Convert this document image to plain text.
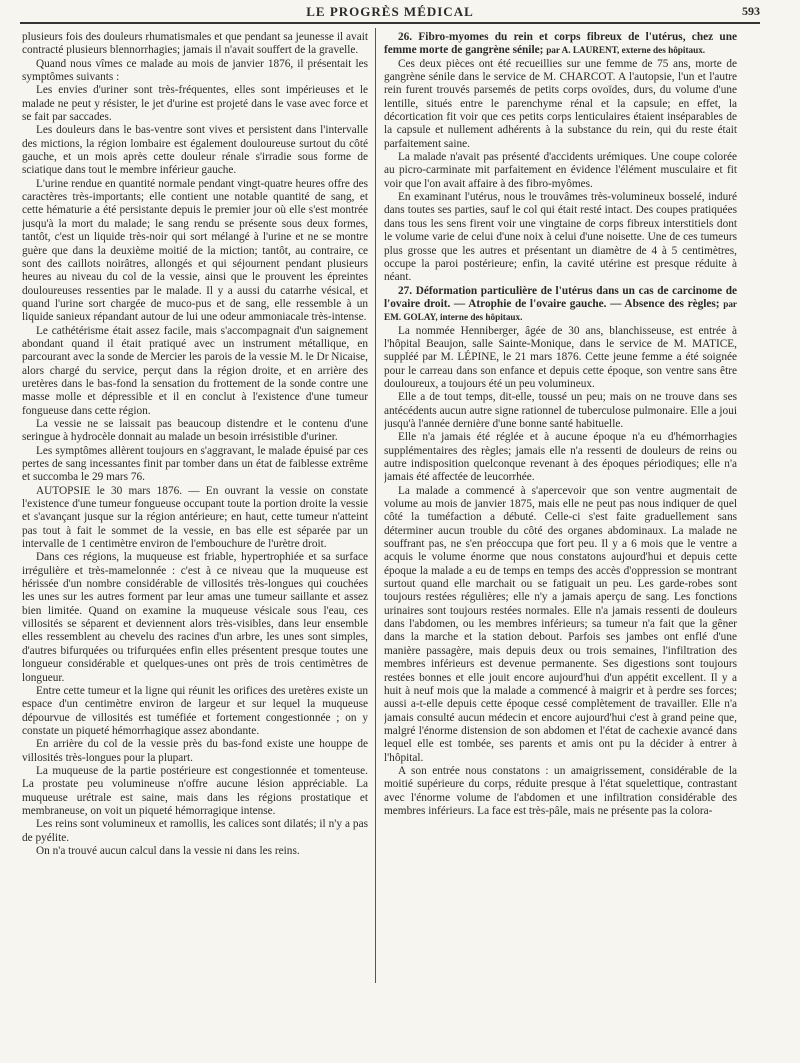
LE PROGRÈS MÉDICAL	593

plusieurs fois des douleurs rhumatismales et que pendant sa jeunesse il avait contracté plusieurs blennorrhagies; jamais il n'avait souffert de la gravelle.

Quand nous vîmes ce malade au mois de janvier 1876, il présentait les symptômes suivants :

Les envies d'uriner sont très-fréquentes, elles sont impérieuses et le malade ne peut y résister, le jet d'urine est projeté dans le vase avec force et se fait par saccades.

Les douleurs dans le bas-ventre sont vives et persistent dans l'intervalle des mictions, la région lombaire est également douloureuse surtout du côté gauche, et un mois après cette douleur rénale s'irradie sous forme de sciatique dans tout le membre inférieur gauche.

L'urine rendue en quantité normale pendant vingt-quatre heures offre des caractères très-importants; elle contient une notable quantité de sang, et cette hématurie a été persistante depuis le premier jour où elle s'est montrée jusqu'à la mort du malade; le sang rendu se présente sous deux formes, tantôt, c'est un liquide très-noir qui sort mélangé à l'urine et ne se montre guère que dans la deuxième moitié de la miction; tantôt, au contraire, ce sont des caillots noirâtres, allongés et qui séjournent pendant plusieurs heures au niveau du col de la vessie, ainsi que le prouvent les épreintes douloureuses ressenties par le malade. Il y a aussi du catarrhe vésical, et quand l'urine sort chargée de muco-pus et de sang, elle ressemble à un liquide sanieux répandant autour de lui une odeur ammoniacale très-intense.

Le cathétérisme était assez facile, mais s'accompagnait d'un saignement abondant quand il était pratiqué avec un instrument métallique, en parcourant avec la sonde de Mercier les parois de la vessie M. le Dr Nicaise, alors chargé du service, perçut dans la région droite, et en arrière des uretères dans le bas-fond la sensation du frottement de la sonde contre une masse molle et dépressible et il en conclut à l'existence d'une tumeur fongueuse dans cette région.

La vessie ne se laissait pas beaucoup distendre et le contenu d'une seringue à hydrocèle donnait au malade un besoin irrésistible d'uriner.

Les symptômes allèrent toujours en s'aggravant, le malade épuisé par ces pertes de sang incessantes finit par tomber dans un état de faiblesse extrême et succomba le 29 mars 76.

AUTOPSIE le 30 mars 1876. — En ouvrant la vessie on constate l'existence d'une tumeur fongueuse occupant toute la portion droite la vessie et s'avançant jusque sur la région antérieure; en haut, cette tumeur n'atteint pas tout à fait le sommet de la vessie, en bas elle est séparée par un intervalle de 1 centimètre environ de l'embouchure de l'urètre droit.

Dans ces régions, la muqueuse est friable, hypertrophiée et sa surface irrégulière et très-mamelonnée : c'est à ce niveau que la muqueuse est hérissée d'un nombre considérable de villosités très-longues qui couchées les unes sur les autres forment par leur amas une tumeur saillante et assez bien limitée. Quand on examine la muqueuse vésicale sous l'eau, ces villosités se séparent et deviennent alors très-visibles, dans leur ensemble elles ressemblent au chevelu des racines d'un arbre, les unes sont simples, d'autres bifurquées ou trifurquées enfin elles présentent presque toutes une longueur considérable et quelques-unes ont près de trois centimètres de longueur.

Entre cette tumeur et la ligne qui réunit les orifices des uretères existe un espace d'un centimètre environ de largeur et sur lequel la muqueuse dépourvue de villosités est tuméfiée et fortement congestionnée ; on y constate un piqueté hémorrhagique assez abondante.

En arrière du col de la vessie près du bas-fond existe une houppe de villosités très-longues pour la plupart.

La muqueuse de la partie postérieure est congestionnée et tomenteuse. La prostate peu volumineuse n'offre aucune lésion appréciable. La muqueuse urétrale est saine, mais dans les régions prostatique et membraneuse, on voit un piqueté hémorragique intense.

Les reins sont volumineux et ramollis, les calices sont dilatés; il n'y a pas de pyélite.

On n'a trouvé aucun calcul dans la vessie ni dans les reins.

26. Fibro-myomes du rein et corps fibreux de l'utérus, chez une femme morte de gangrène sénile; par A. LAURENT, externe des hôpitaux.

Ces deux pièces ont été recueillies sur une femme de 75 ans, morte de gangrène sénile dans le service de M. CHARCOT. A l'autopsie, l'un et l'autre rein furent trouvés parsemés de petits corps ovoïdes, durs, du volume d'une lentille, situés entre le parenchyme rénal et la capsule; en effet, la décortication fit voir que ces petits corps lenticulaires étaient inséparables de la capsule et nullement adhérents à la substance du rein, qui du reste était parfaitement saine.

La malade n'avait pas présenté d'accidents urémiques. Une coupe colorée au picro-carminate mit parfaitement en évidence l'élément musculaire et fit voir que l'on avait affaire à des fibro-myômes.

En examinant l'utérus, nous le trouvâmes très-volumineux bosselé, induré dans toutes ses parties, sauf le col qui était resté intact. Des coupes pratiquées dans tous les sens firent voir une vingtaine de corps fibreux interstitiels dont le volume varie de celui d'une noix à celui d'une noisette. Une de ces tumeurs plus grosse que les autres et présentant un diamètre de 4 à 5 centimètres, occupe la paroi postérieure; enfin, la cavité utérine est presque réduite à néant.

27. Déformation particulière de l'utérus dans un cas de carcinome de l'ovaire droit. — Atrophie de l'ovaire gauche. — Absence des règles; par EM. GOLAY, interne des hôpitaux.

La nommée Henniberger, âgée de 30 ans, blanchisseuse, est entrée à l'hôpital Beaujon, salle Sainte-Monique, dans le service de M. MATICE, suppléé par M. LÉPINE, le 21 mars 1876. Cette jeune femme a été soignée pour le carreau dans son enfance et depuis cette époque, son ventre sans être douloureux, a toujours été un peu volumineux.

Elle a de tout temps, dit-elle, toussé un peu; mais on ne trouve dans ses antécédents aucun autre signe rationnel de tuberculose pulmonaire. Elle a joui jusqu'à l'année dernière d'une bonne santé habituelle.

Elle n'a jamais été réglée et à aucune époque n'a eu d'hémorrhagies supplémentaires des règles; jamais elle n'a ressenti de douleurs de reins ou autre indisposition quelconque revenant à des époques périodiques; elle n'a jamais été affectée de leucorrhée.

La malade a commencé à s'apercevoir que son ventre augmentait de volume au mois de janvier 1875, mais elle ne peut pas nous indiquer de quel côté la tuméfaction a débuté. Celle-ci s'est faite graduellement sans déterminer aucun trouble du côté des organes abdominaux. La malade ne souffrant pas, ne s'en préoccupa que fort peu. Il y a 6 mois que le ventre a acquis le volume énorme que nous constatons aujourd'hui et depuis cette époque la malade a eu de temps en temps des accès d'oppression se montrant surtout quand elle marchait ou se fatiguait un peu. Les garde-robes sont toujours restées régulières; elle n'y a jamais aperçu de sang. Les fonctions urinaires sont toujours restées normales. Elle n'a jamais ressenti de douleurs dans l'abdomen, ou les membres inférieurs; sa tumeur n'a fait que la gêner dans la marche et la station debout. Parfois ses jambes ont enflé d'une manière passagère, mais depuis deux ou trois semaines, l'infiltration des membres inférieurs est devenue permanente. Ses digestions sont toujours restées bonnes et elle jouit encore aujourd'hui d'un appétit excellent. Il y a huit à neuf mois que la malade a commencé à maigrir et à perdre ses forces; aussi a-t-elle depuis cette époque cessé complètement de travailler. Elle n'a jamais consulté aucun médecin et encore aujourd'hui c'est à grand peine que, malgré l'énorme distension de son abdomen et l'état de cachexie avancé dans lequel elle est tombée, ses parents et amis ont pu la décider à entrer à l'hôpital.

A son entrée nous constatons : un amaigrissement, considérable de la moitié supérieure du corps, réduite presque à l'état squelettique, contrastant avec l'énorme volume de l'abdomen et une infiltration considérable des membres inférieurs. La face est très-pâle, mais ne présente pas la colora-
